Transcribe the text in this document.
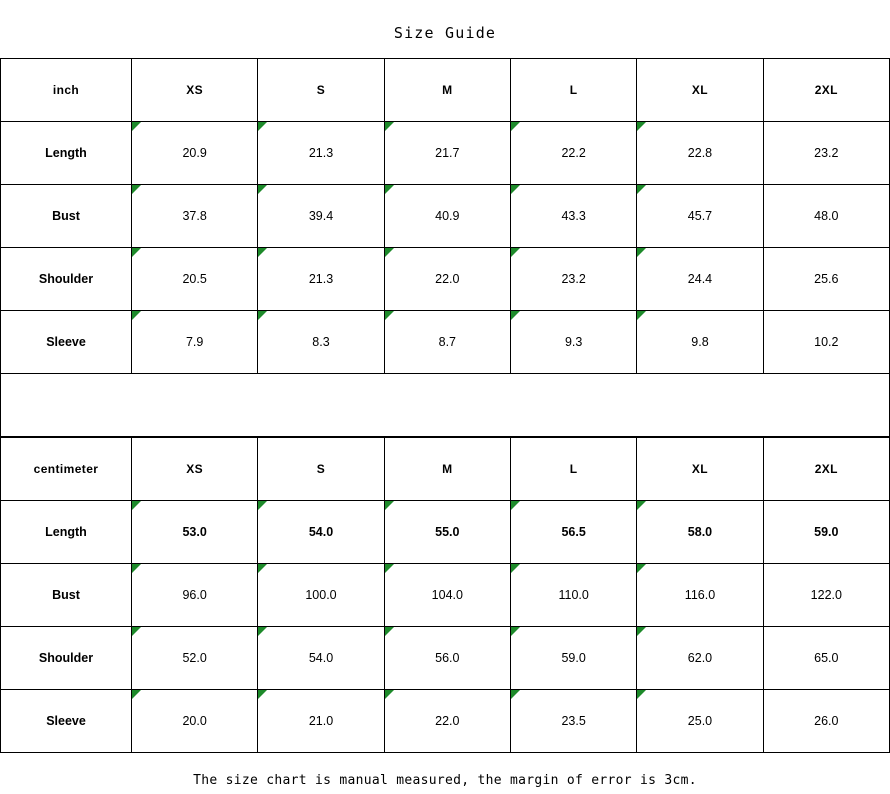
Size Guide
inch	XS	S	M	L	XL	2XL
Length	20.9	21.3	21.7	22.2	22.8	23.2
Bust	37.8	39.4	40.9	43.3	45.7	48.0
Shoulder	20.5	21.3	22.0	23.2	24.4	25.6
Sleeve	7.9	8.3	8.7	9.3	9.8	10.2
centimeter	XS	S	M	L	XL	2XL
Length	53.0	54.0	55.0	56.5	58.0	59.0
Bust	96.0	100.0	104.0	110.0	116.0	122.0
Shoulder	52.0	54.0	56.0	59.0	62.0	65.0
Sleeve	20.0	21.0	22.0	23.5	25.0	26.0
The size chart is manual measured, the margin of error is 3cm.
